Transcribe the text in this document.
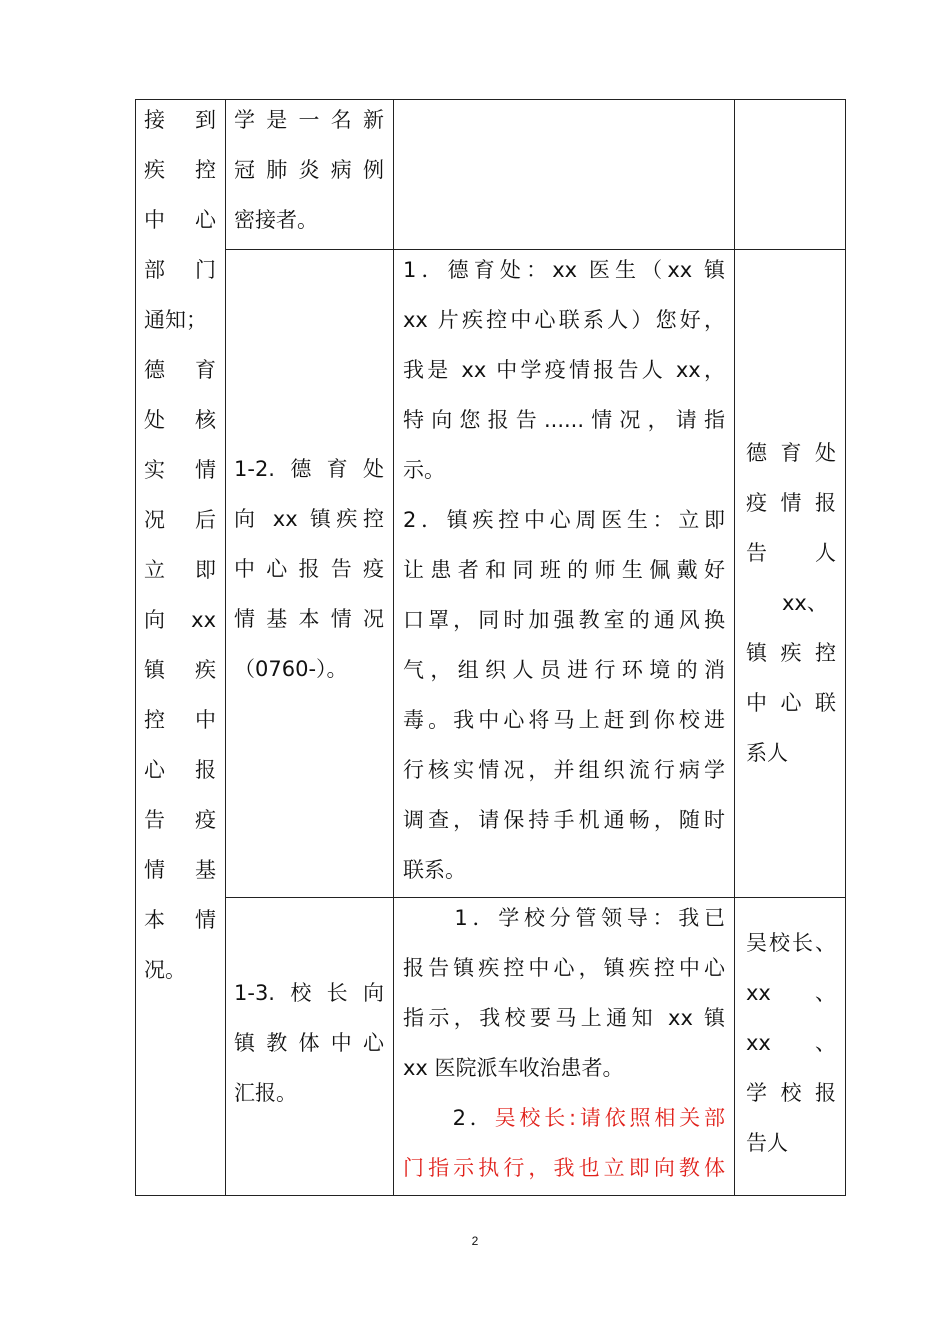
接　到

疾　控

中　心

部　门

通知；

德　育

处　核

实　情

况　后

立　即

向　xx

镇　疾

控　中

心　报

告　疫

情　基

本　情

况。

学是一名新

冠肺炎病例

密接者。

1-2.德育处

向 xx 镇疾控

中心报告疫

情基本情况

（0760-）。

1．德育处：xx 医生（xx 镇

xx 片疾控中心联系人）您好，

我是 xx 中学疫情报告人 xx，

特向您报告......情况，请指

示。

2．镇疾控中心周医生：立即

让患者和同班的师生佩戴好

口罩，同时加强教室的通风换

气，组织人员进行环境的消

毒。我中心将马上赶到你校进

行核实情况，并组织流行病学

调查，请保持手机通畅，随时

联系。

德育处

疫情报

告　人

xx、

镇疾控

中心联

系人

1-3.校长向

镇教体中心

汇报。

　　1．学校分管领导：我已

报告镇疾控中心，镇疾控中心

指示，我校要马上通知 xx 镇

xx 医院派车收治患者。

　　2．吴校长:请依照相关部

门指示执行，我也立即向教体

吴校长、

xx、xx、

学校报

告人

2
